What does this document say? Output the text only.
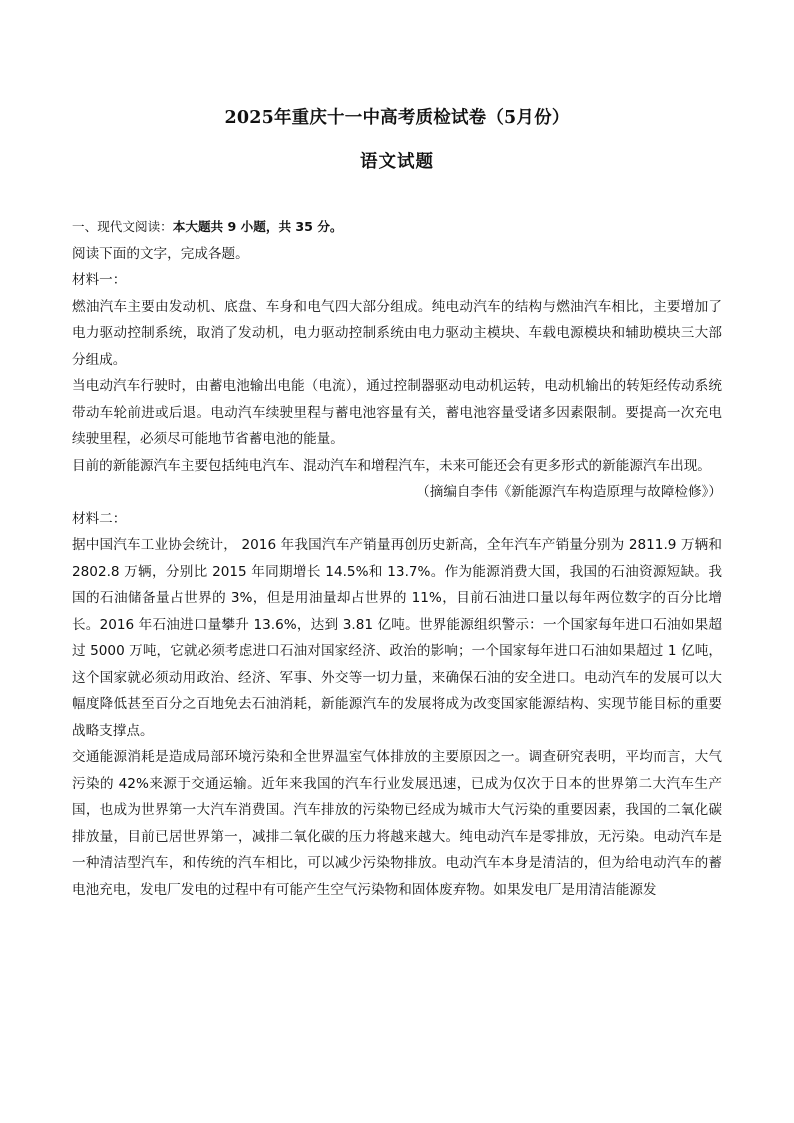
2025年重庆十一中高考质检试卷（5月份）
语文试题

一、现代文阅读：本大题共 9 小题，共 35 分。

阅读下面的文字，完成各题。

材料一：

燃油汽车主要由发动机、底盘、车身和电气四大部分组成。纯电动汽车的结构与燃油汽车相比，主要增加了电力驱动控制系统，取消了发动机，电力驱动控制系统由电力驱动主模块、车载电源模块和辅助模块三大部分组成。

当电动汽车行驶时，由蓄电池输出电能（电流），通过控制器驱动电动机运转，电动机输出的转矩经传动系统带动车轮前进或后退。电动汽车续驶里程与蓄电池容量有关，蓄电池容量受诸多因素限制。要提高一次充电续驶里程，必须尽可能地节省蓄电池的能量。

目前的新能源汽车主要包括纯电汽车、混动汽车和增程汽车，未来可能还会有更多形式的新能源汽车出现。

（摘编自李伟《新能源汽车构造原理与故障检修》）

材料二：

据中国汽车工业协会统计， 2016 年我国汽车产销量再创历史新高，全年汽车产销量分别为 2811.9 万辆和 2802.8 万辆，分别比 2015 年同期增长 14.5%和 13.7%。作为能源消费大国，我国的石油资源短缺。我国的石油储备量占世界的 3%，但是用油量却占世界的 11%，目前石油进口量以每年两位数字的百分比增长。2016 年石油进口量攀升 13.6%，达到 3.81 亿吨。世界能源组织警示：一个国家每年进口石油如果超过 5000 万吨，它就必须考虑进口石油对国家经济、政治的影响；一个国家每年进口石油如果超过 1 亿吨，这个国家就必须动用政治、经济、军事、外交等一切力量，来确保石油的安全进口。电动汽车的发展可以大幅度降低甚至百分之百地免去石油消耗，新能源汽车的发展将成为改变国家能源结构、实现节能目标的重要战略支撑点。

交通能源消耗是造成局部环境污染和全世界温室气体排放的主要原因之一。调查研究表明，平均而言，大气污染的 42%来源于交通运输。近年来我国的汽车行业发展迅速，已成为仅次于日本的世界第二大汽车生产国，也成为世界第一大汽车消费国。汽车排放的污染物已经成为城市大气污染的重要因素，我国的二氧化碳排放量，目前已居世界第一，减排二氧化碳的压力将越来越大。纯电动汽车是零排放，无污染。电动汽车是一种清洁型汽车，和传统的汽车相比，可以减少污染物排放。电动汽车本身是清洁的，但为给电动汽车的蓄电池充电，发电厂发电的过程中有可能产生空气污染物和固体废弃物。如果发电厂是用清洁能源发
